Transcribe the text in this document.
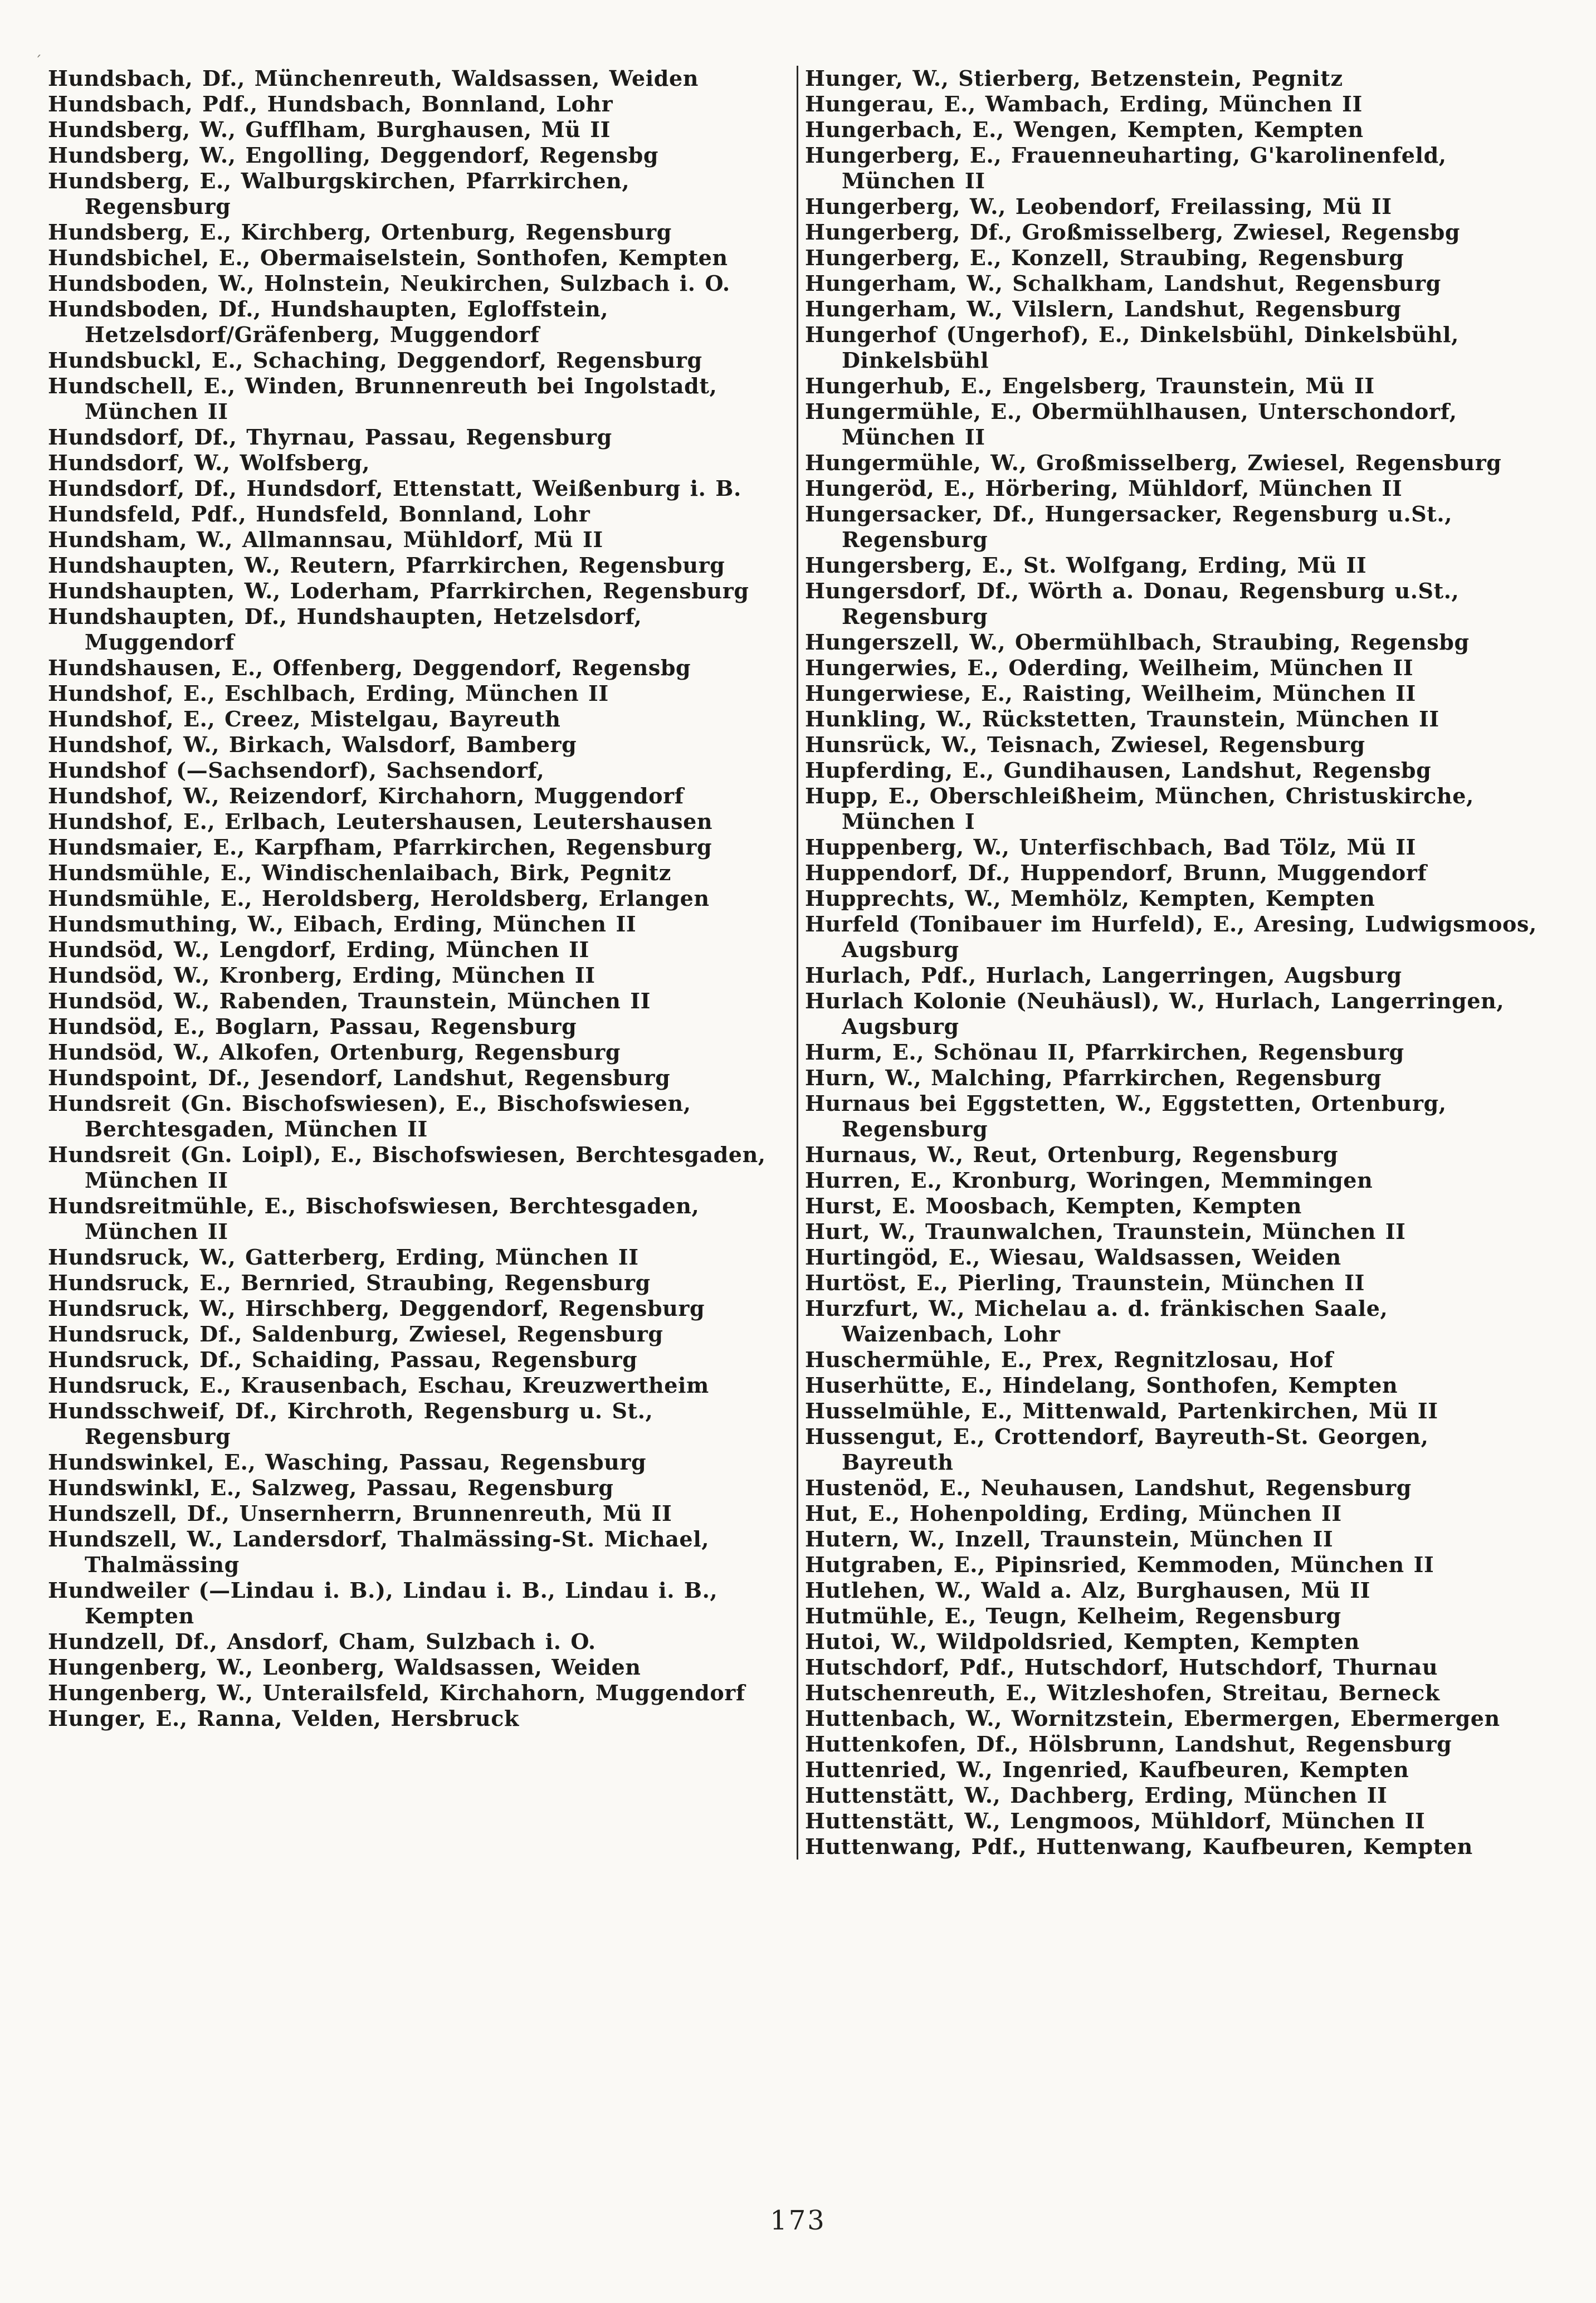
´

Hundsbach, Df., Münchenreuth, Waldsassen, Weiden

Hundsbach, Pdf., Hundsbach, Bonnland, Lohr

Hundsberg, W., Gufflham, Burghausen, Mü II

Hundsberg, W., Engolling, Deggendorf, Regensbg

Hundsberg, E., Walburgskirchen, Pfarrkirchen, Regensburg

Hundsberg, E., Kirchberg, Ortenburg, Regensburg

Hundsbichel, E., Obermaiselstein, Sonthofen, Kempten

Hundsboden, W., Holnstein, Neukirchen, Sulzbach i. O.

Hundsboden, Df., Hundshaupten, Egloffstein, Hetzelsdorf/Gräfenberg, Muggendorf

Hundsbuckl, E., Schaching, Deggendorf, Regensburg

Hundschell, E., Winden, Brunnenreuth bei Ingolstadt, München II

Hundsdorf, Df., Thyrnau, Passau, Regensburg

Hundsdorf, W., Wolfsberg,

Hundsdorf, Df., Hundsdorf, Ettenstatt, Weißenburg i. B.

Hundsfeld, Pdf., Hundsfeld, Bonnland, Lohr

Hundsham, W., Allmannsau, Mühldorf, Mü II

Hundshaupten, W., Reutern, Pfarrkirchen, Regensburg

Hundshaupten, W., Loderham, Pfarrkirchen, Regensburg

Hundshaupten, Df., Hundshaupten, Hetzelsdorf, Muggendorf

Hundshausen, E., Offenberg, Deggendorf, Regensbg

Hundshof, E., Eschlbach, Erding, München II

Hundshof, E., Creez, Mistelgau, Bayreuth

Hundshof, W., Birkach, Walsdorf, Bamberg

Hundshof (—Sachsendorf), Sachsendorf,

Hundshof, W., Reizendorf, Kirchahorn, Muggendorf

Hundshof, E., Erlbach, Leutershausen, Leutershausen

Hundsmaier, E., Karpfham, Pfarrkirchen, Regensburg

Hundsmühle, E., Windischenlaibach, Birk, Pegnitz

Hundsmühle, E., Heroldsberg, Heroldsberg, Erlangen

Hundsmuthing, W., Eibach, Erding, München II

Hundsöd, W., Lengdorf, Erding, München II

Hundsöd, W., Kronberg, Erding, München II

Hundsöd, W., Rabenden, Traunstein, München II

Hundsöd, E., Boglarn, Passau, Regensburg

Hundsöd, W., Alkofen, Ortenburg, Regensburg

Hundspoint, Df., Jesendorf, Landshut, Regensburg

Hundsreit (Gn. Bischofswiesen), E., Bischofswiesen, Berchtesgaden, München II

Hundsreit (Gn. Loipl), E., Bischofswiesen, Berchtesgaden, München II

Hundsreitmühle, E., Bischofswiesen, Berchtesgaden, München II

Hundsruck, W., Gatterberg, Erding, München II

Hundsruck, E., Bernried, Straubing, Regensburg

Hundsruck, W., Hirschberg, Deggendorf, Regensburg

Hundsruck, Df., Saldenburg, Zwiesel, Regensburg

Hundsruck, Df., Schaiding, Passau, Regensburg

Hundsruck, E., Krausenbach, Eschau, Kreuzwertheim

Hundsschweif, Df., Kirchroth, Regensburg u. St., Regensburg

Hundswinkel, E., Wasching, Passau, Regensburg

Hundswinkl, E., Salzweg, Passau, Regensburg

Hundszell, Df., Unsernherrn, Brunnenreuth, Mü II

Hundszell, W., Landersdorf, Thalmässing-St. Michael, Thalmässing

Hundweiler (—Lindau i. B.), Lindau i. B., Lindau i. B., Kempten

Hundzell, Df., Ansdorf, Cham, Sulzbach i. O.

Hungenberg, W., Leonberg, Waldsassen, Weiden

Hungenberg, W., Unterailsfeld, Kirchahorn, Muggendorf

Hunger, E., Ranna, Velden, Hersbruck

Hunger, W., Stierberg, Betzenstein, Pegnitz

Hungerau, E., Wambach, Erding, München II

Hungerbach, E., Wengen, Kempten, Kempten

Hungerberg, E., Frauenneuharting, G'karolinenfeld, München II

Hungerberg, W., Leobendorf, Freilassing, Mü II

Hungerberg, Df., Großmisselberg, Zwiesel, Regensbg

Hungerberg, E., Konzell, Straubing, Regensburg

Hungerham, W., Schalkham, Landshut, Regensburg

Hungerham, W., Vilslern, Landshut, Regensburg

Hungerhof (Ungerhof), E., Dinkelsbühl, Dinkelsbühl, Dinkelsbühl

Hungerhub, E., Engelsberg, Traunstein, Mü II

Hungermühle, E., Obermühlhausen, Unterschondorf, München II

Hungermühle, W., Großmisselberg, Zwiesel, Regensburg

Hungeröd, E., Hörbering, Mühldorf, München II

Hungersacker, Df., Hungersacker, Regensburg u.St., Regensburg

Hungersberg, E., St. Wolfgang, Erding, Mü II

Hungersdorf, Df., Wörth a. Donau, Regensburg u.St., Regensburg

Hungerszell, W., Obermühlbach, Straubing, Regensbg

Hungerwies, E., Oderding, Weilheim, München II

Hungerwiese, E., Raisting, Weilheim, München II

Hunkling, W., Rückstetten, Traunstein, München II

Hunsrück, W., Teisnach, Zwiesel, Regensburg

Hupferding, E., Gundihausen, Landshut, Regensbg

Hupp, E., Oberschleißheim, München, Christuskirche, München I

Huppenberg, W., Unterfischbach, Bad Tölz, Mü II

Huppendorf, Df., Huppendorf, Brunn, Muggendorf

Hupprechts, W., Memhölz, Kempten, Kempten

Hurfeld (Tonibauer im Hurfeld), E., Aresing, Ludwigsmoos, Augsburg

Hurlach, Pdf., Hurlach, Langerringen, Augsburg

Hurlach Kolonie (Neuhäusl), W., Hurlach, Langerringen, Augsburg

Hurm, E., Schönau II, Pfarrkirchen, Regensburg

Hurn, W., Malching, Pfarrkirchen, Regensburg

Hurnaus bei Eggstetten, W., Eggstetten, Ortenburg, Regensburg

Hurnaus, W., Reut, Ortenburg, Regensburg

Hurren, E., Kronburg, Woringen, Memmingen

Hurst, E. Moosbach, Kempten, Kempten

Hurt, W., Traunwalchen, Traunstein, München II

Hurtingöd, E., Wiesau, Waldsassen, Weiden

Hurtöst, E., Pierling, Traunstein, München II

Hurzfurt, W., Michelau a. d. fränkischen Saale, Waizenbach, Lohr

Huschermühle, E., Prex, Regnitzlosau, Hof

Huserhütte, E., Hindelang, Sonthofen, Kempten

Husselmühle, E., Mittenwald, Partenkirchen, Mü II

Hussengut, E., Crottendorf, Bayreuth-St. Georgen, Bayreuth

Hustenöd, E., Neuhausen, Landshut, Regensburg

Hut, E., Hohenpolding, Erding, München II

Hutern, W., Inzell, Traunstein, München II

Hutgraben, E., Pipinsried, Kemmoden, München II

Hutlehen, W., Wald a. Alz, Burghausen, Mü II

Hutmühle, E., Teugn, Kelheim, Regensburg

Hutoi, W., Wildpoldsried, Kempten, Kempten

Hutschdorf, Pdf., Hutschdorf, Hutschdorf, Thurnau

Hutschenreuth, E., Witzleshofen, Streitau, Berneck

Huttenbach, W., Wornitzstein, Ebermergen, Ebermergen

Huttenkofen, Df., Hölsbrunn, Landshut, Regensburg

Huttenried, W., Ingenried, Kaufbeuren, Kempten

Huttenstätt, W., Dachberg, Erding, München II

Huttenstätt, W., Lengmoos, Mühldorf, München II

Huttenwang, Pdf., Huttenwang, Kaufbeuren, Kempten

173
